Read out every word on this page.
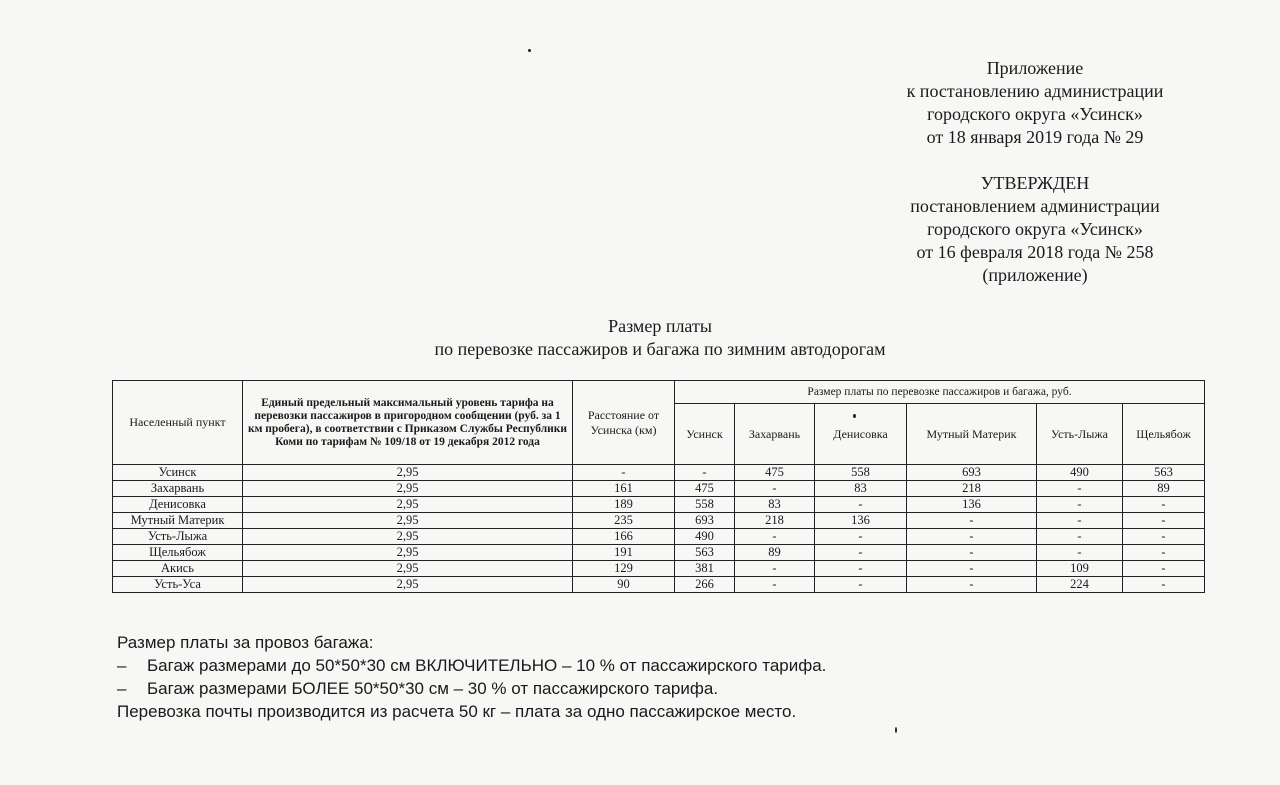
Приложение
к постановлению администрации
городского округа «Усинск»
от 18 января 2019 года № 29
УТВЕРЖДЕН
постановлением администрации
городского округа «Усинск»
от 16 февраля 2018 года № 258
(приложение)
Размер платы
по перевозке пассажиров и багажа по зимним автодорогам
Населенный пункт	Единый предельный максимальный уровень тарифа на перевозки пассажиров в пригородном сообщении (руб. за 1 км пробега), в соответствии с Приказом Службы Республики Коми по тарифам № 109/18 от 19 декабря 2012 года	Расстояние от Усинска (км)	Размер платы по перевозке пассажиров и багажа, руб.					
			Усинск	Захарвань	Денисовка	Мутный Материк	Усть-Лыжа	Щельябож
Усинск	2,95	-	-	475	558	693	490	563
Захарвань	2,95	161	475	-	83	218	-	89
Денисовка	2,95	189	558	83	-	136	-	-
Мутный Материк	2,95	235	693	218	136	-	-	-
Усть-Лыжа	2,95	166	490	-	-	-	-	-
Щельябож	2,95	191	563	89	-	-	-	-
Акись	2,95	129	381	-	-	-	109	-
Усть-Уса	2,95	90	266	-	-	-	224	-
Размер платы за провоз багажа:
– Багаж размерами до 50*50*30 см ВКЛЮЧИТЕЛЬНО – 10 % от пассажирского тарифа.
– Багаж размерами БОЛЕЕ 50*50*30 см – 30 % от пассажирского тарифа.
Перевозка почты производится из расчета 50 кг – плата за одно пассажирское место.
